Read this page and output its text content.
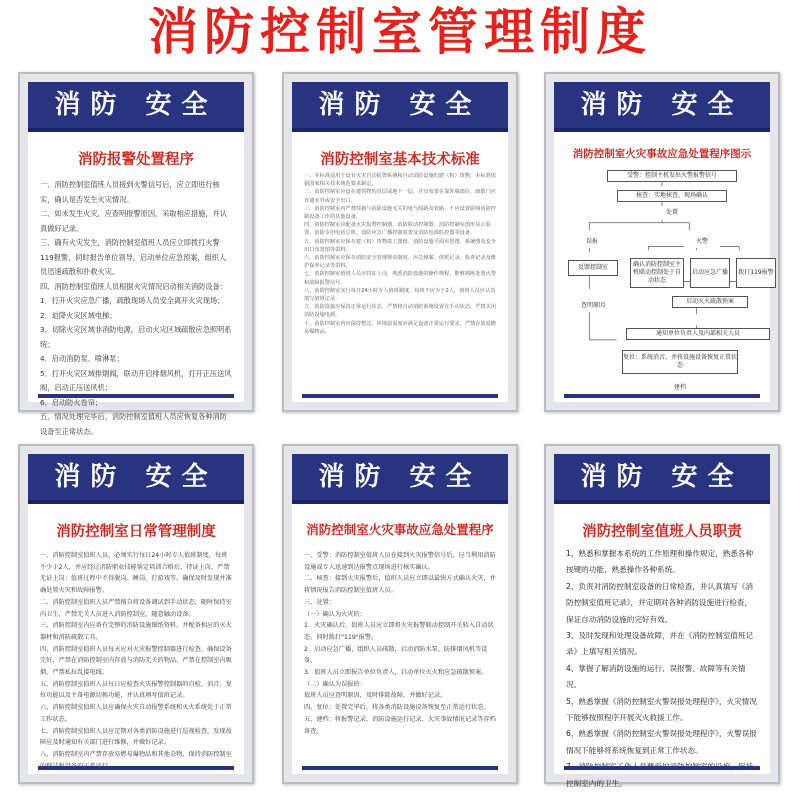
消防控制室管理制度
消防 安全
消防报警处置程序

一、消防控制室值班人员接到火警信号后，应立即进行核实，确认是否发生火灾情况。

二、如未发生火灾，应查明报警原因，采取相应措施，并认真做好记录。

三、确有火灾发生，消防控制室值班人员应立即拨打火警119报警，同时报告单位领导，启动单位应急预案，组织人员迅速疏散和扑救火灾。

四、消防控制室值班人员根据火灾情况启动相关消防设备：

1．打开火灾应急广播，疏散现场人员安全离开火灾现场；

2．迫降火灾区域电梯；

3．切除火灾区域非消防电源，启动火灾区域疏散应急照明系统；

4．启动消防泵、喷淋泵；

5．打开火灾区域排烟阀，联动开启排烟风机，打开正压送风阀，启动正压送风机；

6．启动防火卷帘；

五、情况处理完毕后，消防控制室值班人员应恢复各种消防设备至正常状态。

消防 安全
消防控制室基本技术标准

一、本标准适用于设有火灾自动报警系统和自动消防设施的建（构）筑物，本标准依据国家相关技术规范要求制定。

二、消防控制室应设在建筑物的首层或地下一层，并宜布置在靠外墙部位，疏散门应直通室外或安全出口。

三、消防控制室内严禁穿越与消防设施无关的电气线路及管路，不应设置影响消防控制设备工作的其他设备。

四、消防控制室应配备火灾报警控制器、消防联动控制器、消防控制室图形显示装置、消防专用电话总机、消防应急广播控制装置及消防电源监控器等设备。

五、消防控制室应保存建（构）筑物竣工图纸、消防设施平面布置图、系统图及安全出口布置图等资料。

六、消防控制室应保存消防安全管理规章制度、应急预案、值班记录、检查记录及维护保养记录等资料。

七、消防控制室值班人员应持证上岗，熟悉消防设施的操作规程，能够熟练处置火警和故障报警信号。

八、消防控制室实行每日24小时专人值班制度，每班不应少于2人，值班人员应认真填写值班记录。

九、消防设施应保持正常运行状态，严禁将自动消防系统设置在手动状态，严禁关闭消防设施电源。

十、消防控制室内应保持整洁，环境温湿度应满足设备正常运行要求，严禁存放易燃易爆物品。

消防 安全
消防控制室火灾事故应急处置程序图示
受警：控制主机发出火警报警信号
核查：实地核查，现场确认
处置
误报	火警
反馈控制室	确认消防控制室主机联动控制处于自动状态
启动应急广播	拨打119报警
启动灭火疏散预案
查明原因
通知单位负责人及内部相关人员
复位：系统消音，并将设施设备恢复正常状态
建档
消防 安全
消防控制室日常管理制度

一、消防控制室值班人员，必须实行每日24小时专人值班制度，每班不少于2人，并应经过消防职业技能鉴定培训合格后，持证上岗，严禁无证上岗；值班过程中不得脱岗、睡岗、打游戏等，确保及时发现并准确处置火灾和故障报警。

二、消防控制室值班人员严禁擅自将设备调试到手动状态，随时保持室内卫生，严禁无关人员进入消防控制室，随意触动设备。

三、消防控制室内应备有完整的消防设施图纸资料，并配备相应的灭火器材和消防疏散工具。

四、消防控制室值班人员每天应对火灾报警控制器进行检查，确保设备完好，严禁在消防控制室内存放与消防无关的物品，严禁在控制室内吸烟，严禁私拉乱接电线。

五、消防控制室值班人员每日应检查火灾报警控制器的自检、消音、复位功能以及主备电源切换功能，并认真填写值班记录。

六、消防控制室值班人员应确保火灾自动报警系统和灭火系统处于正常工作状态。

七、消防控制室值班人员应定期对各类消防设施进行巡视检查，发现故障应及时通知有关部门进行维修，并做好记录。

八、消防控制室内严禁存放易燃易爆物品和其他杂物，保持消防控制室

消防 安全
消防控制室火灾事故应急处置程序

一、受警：消防控制室值班人员在接到火灾报警信号后，应当利用消防设施或专人迅速到达报警点现场进行核实确认。

二、核查：接到火灾报警后，值班人员应立即以最快方式确认火灾，并将情况报告消防控制室值班人员。

三、处置：

（一）确认为火灾的：

1．火灾确认后，值班人员应立即将火灾报警联动控制开关转入自动状态，同时拨打"119"报警。

2．启动应急广播，组织人员疏散，启动消防水泵、防排烟风机等设备。

3．值班人员立即报告单位负责人，启动单位灭火和应急疏散预案。

（二）确认为误报的：

值班人员应查明原因，及时排除故障，并做好记录。

四、复位：处置完毕后，将各类消防设施设备恢复至正常运行状态。

五、建档：将报警记录、消防设施运行记录、火灾事故情况记录等存档备查。

消防 安全
消防控制室值班人员职责

1、熟悉和掌握本系统的工作原理和操作规定，熟悉各种按键的功能，熟悉操作各种系统。

2、负责对消防控制室设备的日常检查，并认真填写《消防控制室值班记录》，并定期对各种消防设施进行检查，保证自动消防设施的完好有效。

3、及时发现和处理设备故障，并在《消防控制室值班记录》上填写相关情况。

4、掌握了解消防设施的运行、误报警、故障等有关情况。

5、熟悉掌握《消防控制室火警误报处理程序》，火灾情况下能够按照程序开展灭火救援工作。

6、熟悉掌握《消防控制室火警误报处理程序》，火警误报情况下能够将系统恢复到正常工作状态。

控制室内的卫生。
